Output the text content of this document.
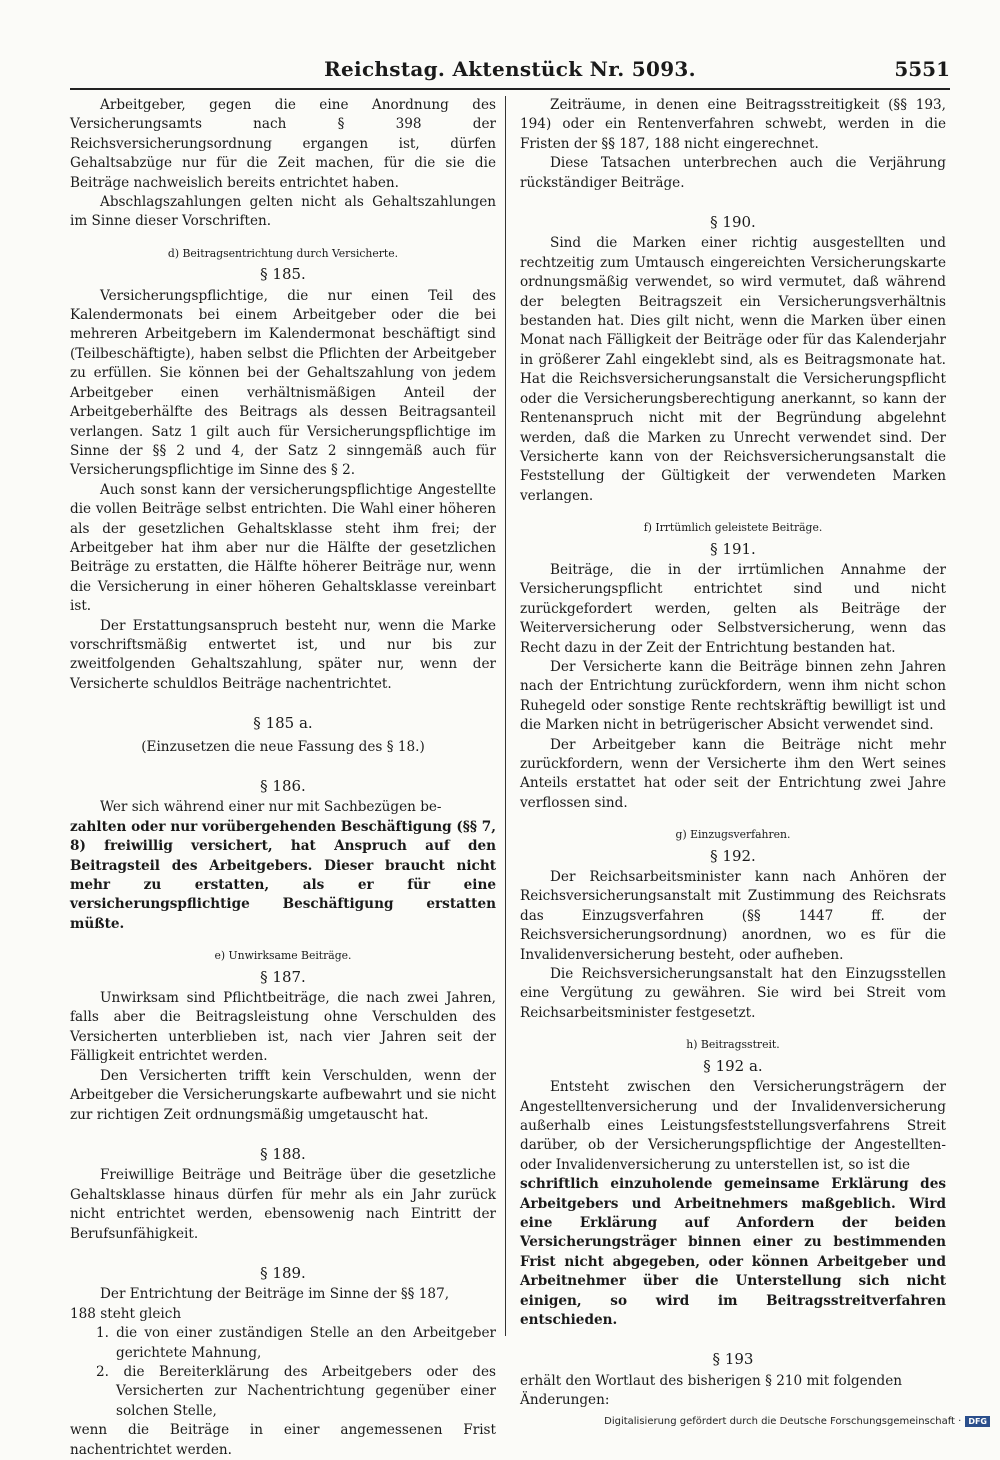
Reichstag. Aktenstück Nr. 5093.	5551

Arbeitgeber, gegen die eine Anordnung des Versicherungsamts nach § 398 der Reichsversicherungsordnung ergangen ist, dürfen Gehaltsabzüge nur für die Zeit machen, für die sie die Beiträge nachweislich bereits entrichtet haben.

Abschlagszahlungen gelten nicht als Gehaltszahlungen im Sinne dieser Vorschriften.

d) Beitragsentrichtung durch Versicherte.
§ 185.

Versicherungspflichtige, die nur einen Teil des Kalendermonats bei einem Arbeitgeber oder die bei mehreren Arbeitgebern im Kalendermonat beschäftigt sind (Teilbeschäftigte), haben selbst die Pflichten der Arbeitgeber zu erfüllen. Sie können bei der Gehaltszahlung von jedem Arbeitgeber einen verhältnismäßigen Anteil der Arbeitgeberhälfte des Beitrags als dessen Beitragsanteil verlangen. Satz 1 gilt auch für Versicherungspflichtige im Sinne der §§ 2 und 4, der Satz 2 sinngemäß auch für Versicherungspflichtige im Sinne des § 2.

Auch sonst kann der versicherungspflichtige Angestellte die vollen Beiträge selbst entrichten. Die Wahl einer höheren als der gesetzlichen Gehaltsklasse steht ihm frei; der Arbeitgeber hat ihm aber nur die Hälfte der gesetzlichen Beiträge zu erstatten, die Hälfte höherer Beiträge nur, wenn die Versicherung in einer höheren Gehaltsklasse vereinbart ist.

Der Erstattungsanspruch besteht nur, wenn die Marke vorschriftsmäßig entwertet ist, und nur bis zur zweitfolgenden Gehaltszahlung, später nur, wenn der Versicherte schuldlos Beiträge nachentrichtet.

§ 185 a.
(Einzusetzen die neue Fassung des § 18.)
§ 186.

Wer sich während einer nur mit Sachbezügen be-

zahlten oder nur vorübergehenden Beschäftigung (§§ 7, 8) freiwillig versichert, hat Anspruch auf den Beitragsteil des Arbeitgebers. Dieser braucht nicht mehr zu erstatten, als er für eine versicherungspflichtige Beschäftigung erstatten müßte.

e) Unwirksame Beiträge.
§ 187.

Unwirksam sind Pflichtbeiträge, die nach zwei Jahren, falls aber die Beitragsleistung ohne Verschulden des Versicherten unterblieben ist, nach vier Jahren seit der Fälligkeit entrichtet werden.

Den Versicherten trifft kein Verschulden, wenn der Arbeitgeber die Versicherungskarte aufbewahrt und sie nicht zur richtigen Zeit ordnungsmäßig umgetauscht hat.

§ 188.

Freiwillige Beiträge und Beiträge über die gesetzliche Gehaltsklasse hinaus dürfen für mehr als ein Jahr zurück nicht entrichtet werden, ebensowenig nach Eintritt der Berufsunfähigkeit.

§ 189.

Der Entrichtung der Beiträge im Sinne der §§ 187,

188 steht gleich

1. die von einer zuständigen Stelle an den Arbeitgeber gerichtete Mahnung,

2. die Bereiterklärung des Arbeitgebers oder des Versicherten zur Nachentrichtung gegenüber einer solchen Stelle,

wenn die Beiträge in einer angemessenen Frist nachentrichtet werden.

Zeiträume, in denen eine Beitragsstreitigkeit (§§ 193, 194) oder ein Rentenverfahren schwebt, werden in die Fristen der §§ 187, 188 nicht eingerechnet.

Diese Tatsachen unterbrechen auch die Verjährung rückständiger Beiträge.

§ 190.

Sind die Marken einer richtig ausgestellten und rechtzeitig zum Umtausch eingereichten Versicherungskarte ordnungsmäßig verwendet, so wird vermutet, daß während der belegten Beitragszeit ein Versicherungsverhältnis bestanden hat. Dies gilt nicht, wenn die Marken über einen Monat nach Fälligkeit der Beiträge oder für das Kalenderjahr in größerer Zahl eingeklebt sind, als es Beitragsmonate hat. Hat die Reichsversicherungsanstalt die Versicherungspflicht oder die Versicherungsberechtigung anerkannt, so kann der Rentenanspruch nicht mit der Begründung abgelehnt werden, daß die Marken zu Unrecht verwendet sind. Der Versicherte kann von der Reichsversicherungsanstalt die Feststellung der Gültigkeit der verwendeten Marken verlangen.

f) Irrtümlich geleistete Beiträge.
§ 191.

Beiträge, die in der irrtümlichen Annahme der Versicherungspflicht entrichtet sind und nicht zurückgefordert werden, gelten als Beiträge der Weiterversicherung oder Selbstversicherung, wenn das Recht dazu in der Zeit der Entrichtung bestanden hat.

Der Versicherte kann die Beiträge binnen zehn Jahren nach der Entrichtung zurückfordern, wenn ihm nicht schon Ruhegeld oder sonstige Rente rechtskräftig bewilligt ist und die Marken nicht in betrügerischer Absicht verwendet sind.

Der Arbeitgeber kann die Beiträge nicht mehr zurückfordern, wenn der Versicherte ihm den Wert seines Anteils erstattet hat oder seit der Entrichtung zwei Jahre verflossen sind.

g) Einzugsverfahren.
§ 192.

Der Reichsarbeitsminister kann nach Anhören der Reichsversicherungsanstalt mit Zustimmung des Reichsrats das Einzugsverfahren (§§ 1447 ff. der Reichsversicherungsordnung) anordnen, wo es für die Invalidenversicherung besteht, oder aufheben.

Die Reichsversicherungsanstalt hat den Einzugsstellen eine Vergütung zu gewähren. Sie wird bei Streit vom Reichsarbeitsminister festgesetzt.

h) Beitragsstreit.
§ 192 a.

Entsteht zwischen den Versicherungsträgern der Angestelltenversicherung und der Invalidenversicherung außerhalb eines Leistungsfeststellungsverfahrens Streit darüber, ob der Versicherungspflichtige der Angestellten- oder Invalidenversicherung zu unterstellen ist, so ist die

schriftlich einzuholende gemeinsame Erklärung des Arbeitgebers und Arbeitnehmers maßgeblich. Wird eine Erklärung auf Anfordern der beiden Versicherungsträger binnen einer zu bestimmenden Frist nicht abgegeben, oder können Arbeitgeber und Arbeitnehmer über die Unterstellung sich nicht einigen, so wird im Beitragsstreitverfahren entschieden.

§ 193

erhält den Wortlaut des bisherigen § 210 mit folgenden

Änderungen:

Digitalisierung gefördert durch die Deutsche Forschungsgemeinschaft · DFG
